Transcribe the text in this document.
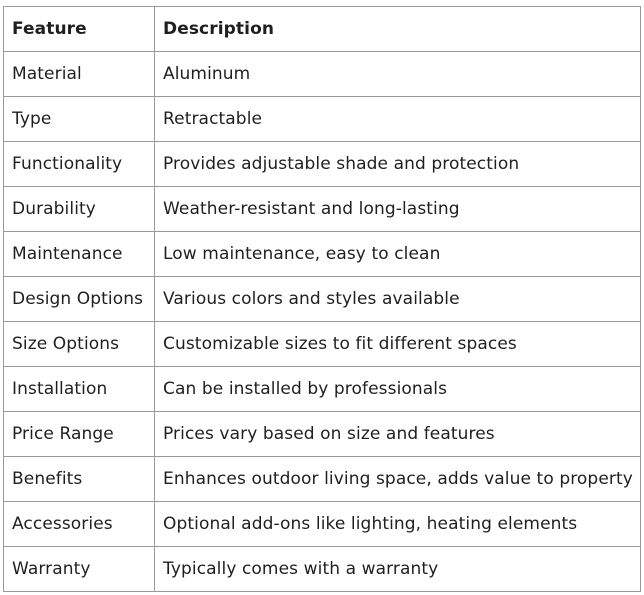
Feature	Description
Material	Aluminum
Type	Retractable
Functionality	Provides adjustable shade and protection
Durability	Weather-resistant and long-lasting
Maintenance	Low maintenance, easy to clean
Design Options	Various colors and styles available
Size Options	Customizable sizes to fit different spaces
Installation	Can be installed by professionals
Price Range	Prices vary based on size and features
Benefits	Enhances outdoor living space, adds value to property
Accessories	Optional add-ons like lighting, heating elements
Warranty	Typically comes with a warranty
